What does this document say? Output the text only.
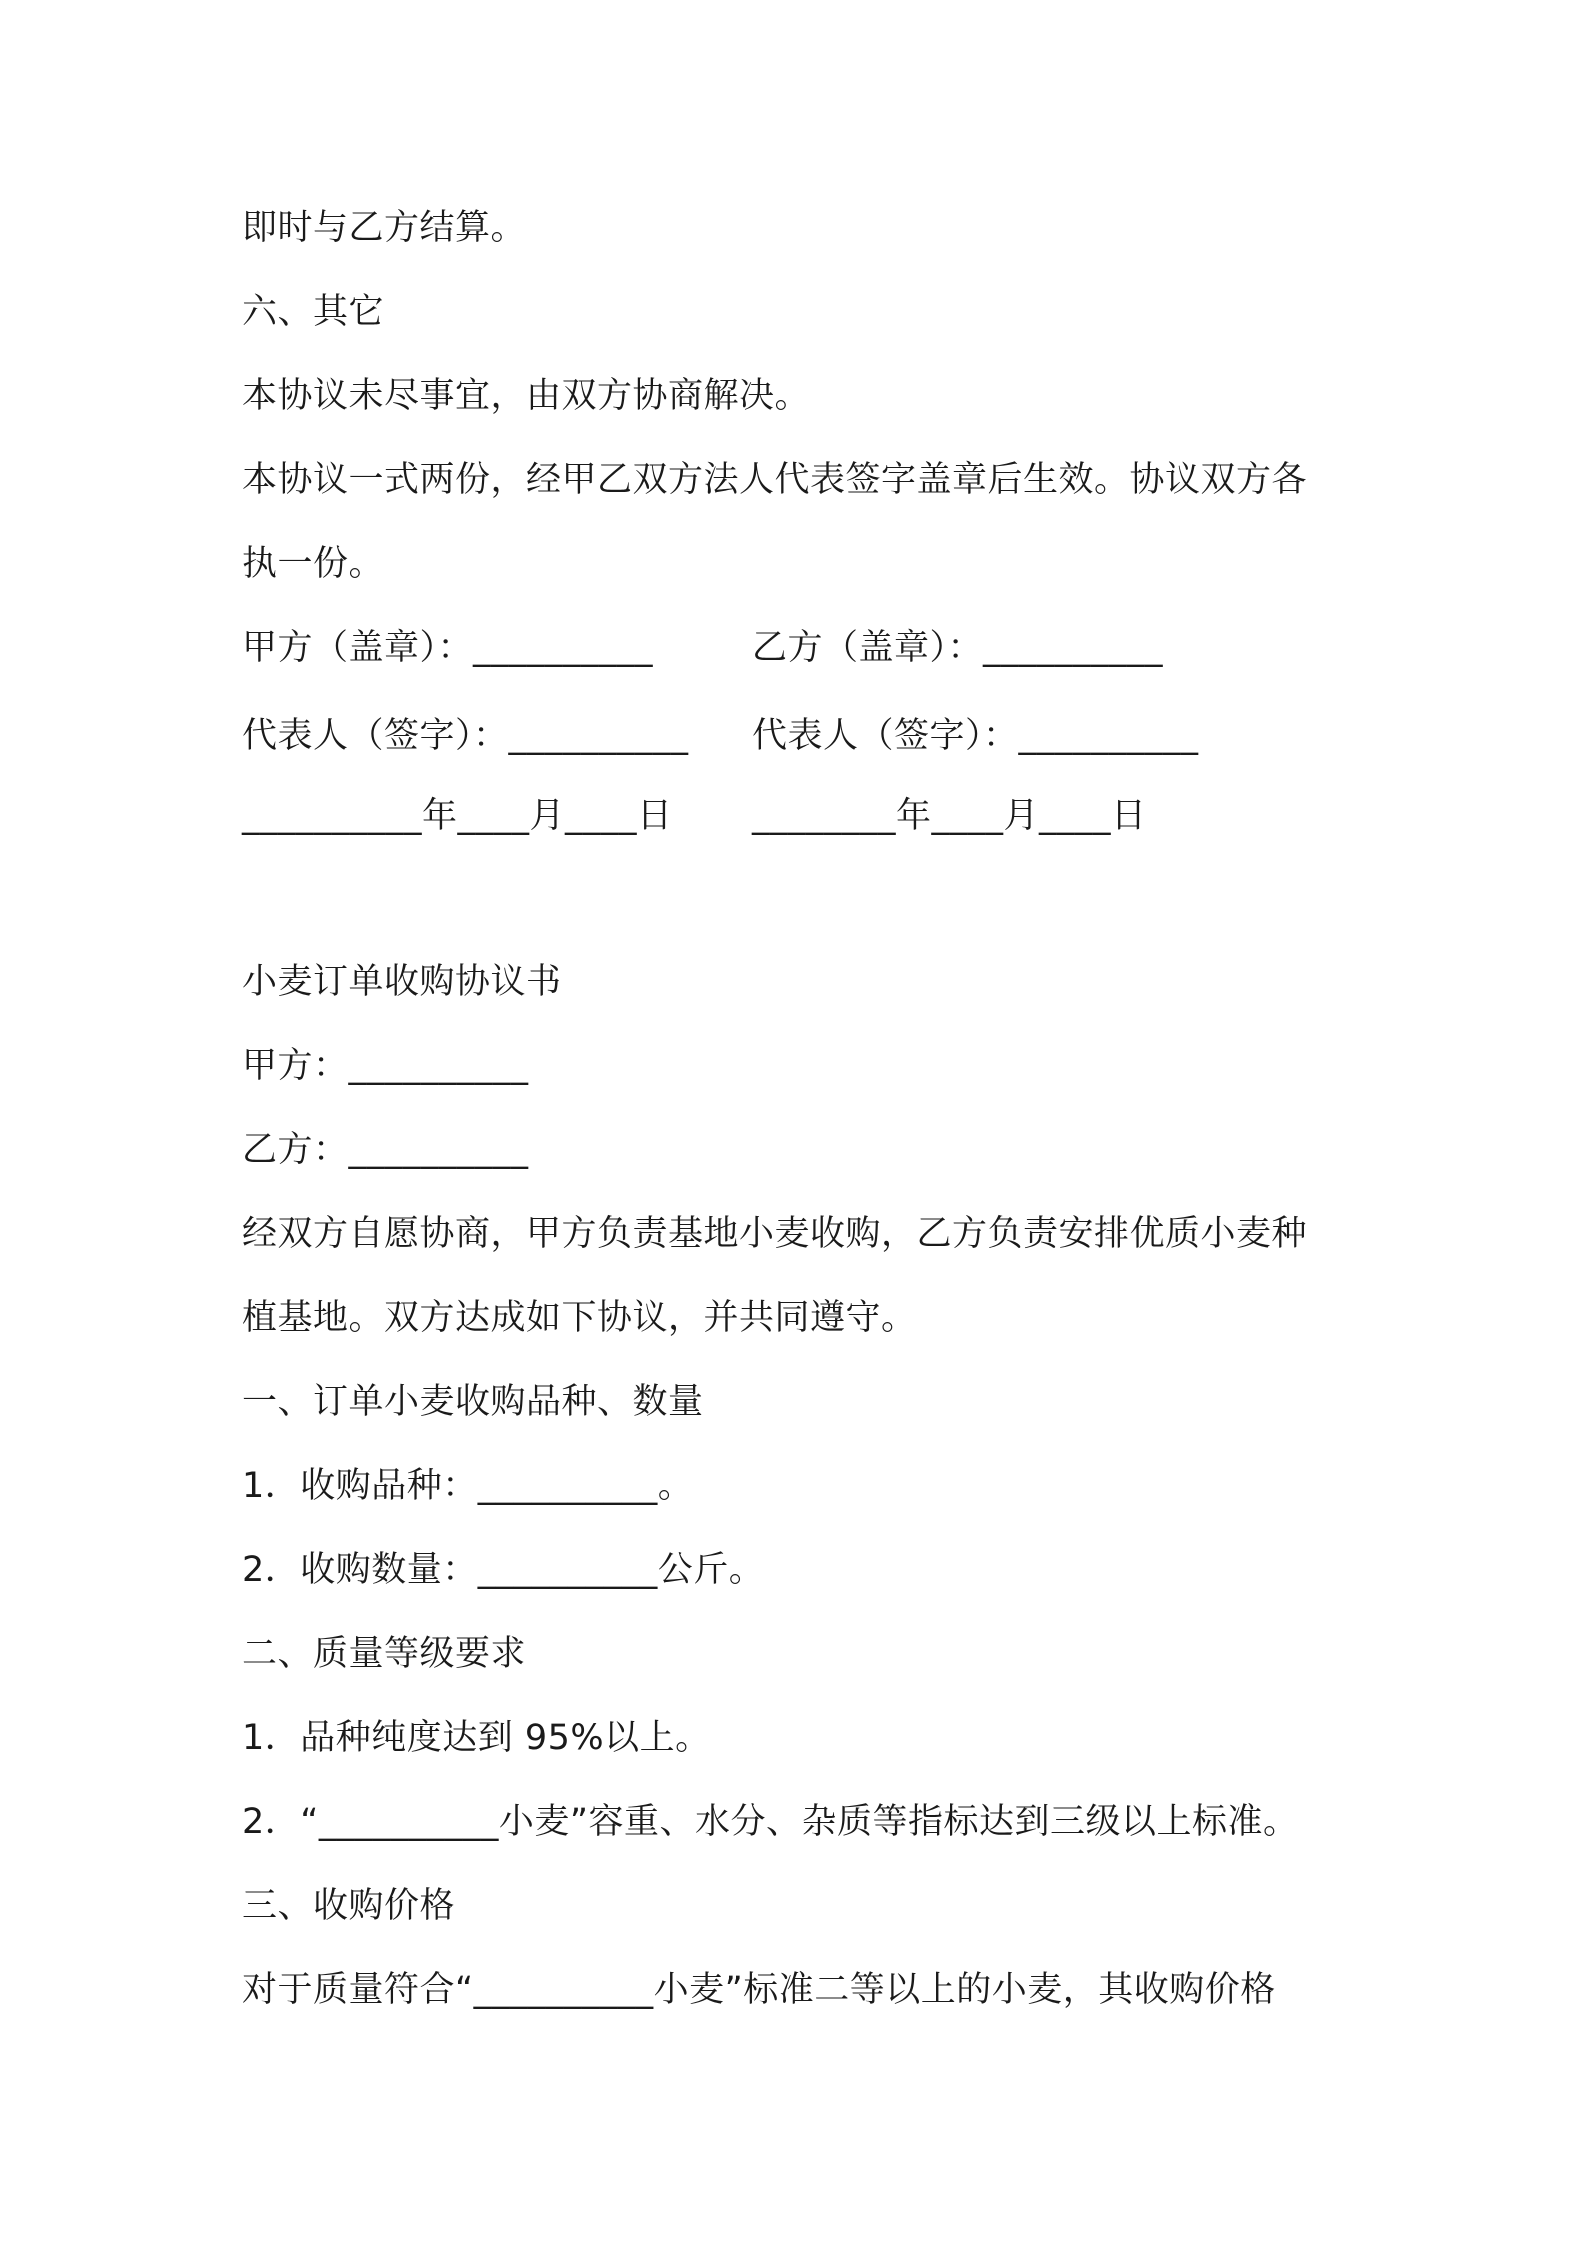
即时与乙方结算。
六、其它
本协议未尽事宜，由双方协商解决。
本协议一式两份，经甲乙双方法人代表签字盖章后生效。协议双方各
执一份。
甲方（盖章）：__________	乙方（盖章）：__________
代表人（签字）：__________ 代表人（签字）：__________
__________年____月____日 ________年____月____日
小麦订单收购协议书
甲方：__________
乙方：__________
经双方自愿协商，甲方负责基地小麦收购，乙方负责安排优质小麦种
植基地。双方达成如下协议，并共同遵守。
一、订单小麦收购品种、数量
1．收购品种：__________。
2．收购数量：__________公斤。
二、质量等级要求
1．品种纯度达到 95%以上。
2．“__________小麦”容重、水分、杂质等指标达到三级以上标准。
三、收购价格
对于质量符合“__________小麦”标准二等以上的小麦，其收购价格
